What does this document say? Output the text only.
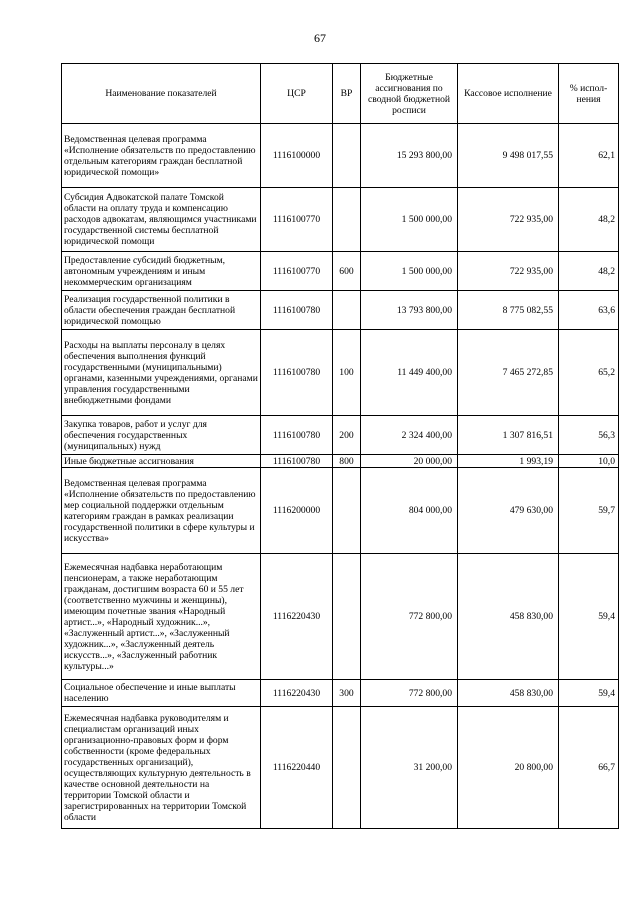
67
Наименование показателей	ЦСР	ВР	Бюджетные ассигнования по сводной бюджетной росписи	Кассовое исполнение	% испол-нения
Ведомственная целевая программа «Исполнение обязательств по предоставлению отдельным категориям граждан бесплатной юридической помощи»	1116100000		15 293 800,00	9 498 017,55	62,1
Субсидия Адвокатской палате Томской области на оплату труда и компенсацию расходов адвокатам, являющимся участниками государственной системы бесплатной юридической помощи	1116100770		1 500 000,00	722 935,00	48,2
Предоставление субсидий бюджетным, автономным учреждениям и иным некоммерческим организациям	1116100770	600	1 500 000,00	722 935,00	48,2
Реализация государственной политики в области обеспечения граждан бесплатной юридической помощью	1116100780		13 793 800,00	8 775 082,55	63,6
Расходы на выплаты персоналу в целях обеспечения выполнения функций государственными (муниципальными) органами, казенными учреждениями, органами управления государственными внебюджетными фондами	1116100780	100	11 449 400,00	7 465 272,85	65,2
Закупка товаров, работ и услуг для обеспечения государственных (муниципальных) нужд	1116100780	200	2 324 400,00	1 307 816,51	56,3
Иные бюджетные ассигнования	1116100780	800	20 000,00	1 993,19	10,0
Ведомственная целевая программа «Исполнение обязательств по предоставлению мер социальной поддержки отдельным категориям граждан в рамках реализации государственной политики в сфере культуры и искусства»	1116200000		804 000,00	479 630,00	59,7
Ежемесячная надбавка неработающим пенсионерам, а также неработающим гражданам, достигшим возраста 60 и 55 лет (соответственно мужчины и женщины), имеющим почетные звания «Народный артист...», «Народный художник...», «Заслуженный артист...», «Заслуженный художник...», «Заслуженный деятель искусств...», «Заслуженный работник культуры...»	1116220430		772 800,00	458 830,00	59,4
Социальное обеспечение и иные выплаты населению	1116220430	300	772 800,00	458 830,00	59,4
Ежемесячная надбавка руководителям и специалистам организаций иных организационно-правовых форм и форм собственности (кроме федеральных государственных организаций), осуществляющих культурную деятельность в качестве основной деятельности на территории Томской области и зарегистрированных на территории Томской области	1116220440		31 200,00	20 800,00	66,7
